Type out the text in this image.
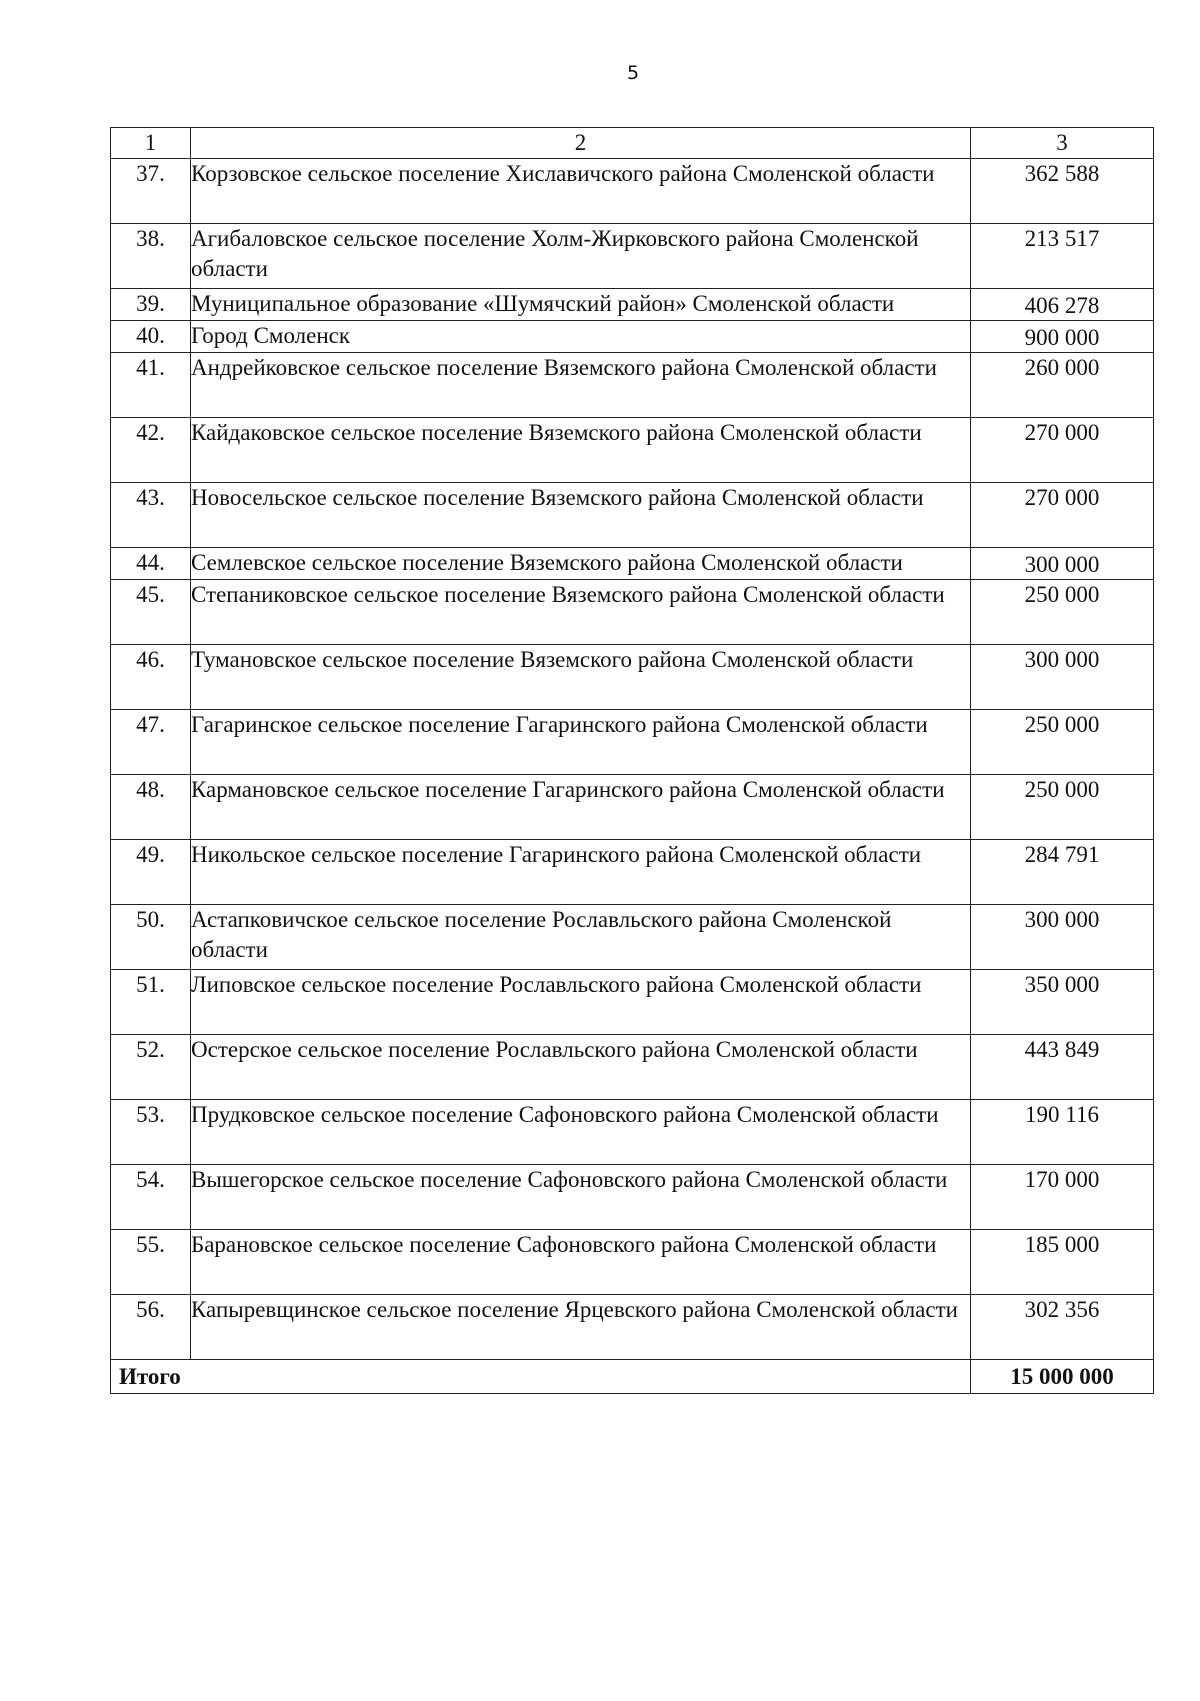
5
1	2	3
37.	Корзовское сельское поселение Хиславичского района Смоленской области	362 588
38.	Агибаловское сельское поселение Холм-Жирковского района Смоленской области	213 517
39.	Муниципальное образование «Шумячский район» Смоленской области	406 278
40.	Город Смоленск	900 000
41.	Андрейковское сельское поселение Вяземского района Смоленской области	260 000
42.	Кайдаковское сельское поселение Вяземского района Смоленской области	270 000
43.	Новосельское сельское поселение Вяземского района Смоленской области	270 000
44.	Семлевское сельское поселение Вяземского района Смоленской области	300 000
45.	Степаниковское сельское поселение Вяземского района Смоленской области	250 000
46.	Тумановское сельское поселение Вяземского района Смоленской области	300 000
47.	Гагаринское сельское поселение Гагаринского района Смоленской области	250 000
48.	Кармановское сельское поселение Гагаринского района Смоленской области	250 000
49.	Никольское сельское поселение Гагаринского района Смоленской области	284 791
50.	Астапковичское сельское поселение Рославльского района Смоленской области	300 000
51.	Липовское сельское поселение Рославльского района Смоленской области	350 000
52.	Остерское сельское поселение Рославльского района Смоленской области	443 849
53.	Прудковское сельское поселение Сафоновского района Смоленской области	190 116
54.	Вышегорское сельское поселение Сафоновского района Смоленской области	170 000
55.	Барановское сельское поселение Сафоновского района Смоленской области	185 000
56.	Капыревщинское сельское поселение Ярцевского района Смоленской области	302 356
Итого		15 000 000
